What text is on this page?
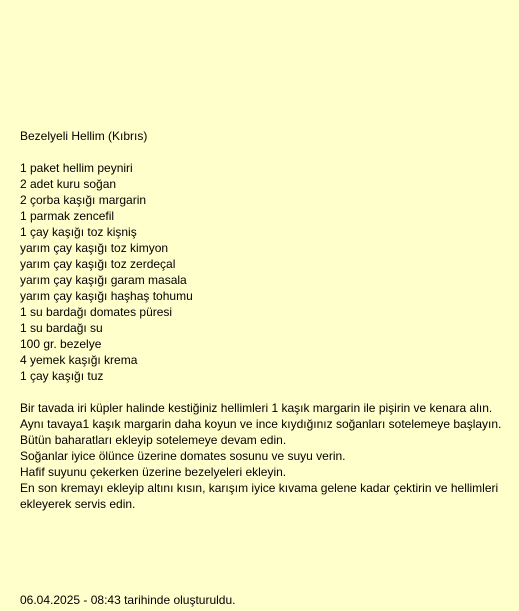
Bezelyeli Hellim (Kıbrıs)
1 paket hellim peyniri
2 adet kuru soğan
2 çorba kaşığı margarin
1 parmak zencefil
1 çay kaşığı toz kişniş
yarım çay kaşığı toz kimyon
yarım çay kaşığı toz zerdeçal
yarım çay kaşığı garam masala
yarım çay kaşığı haşhaş tohumu
1 su bardağı domates püresi
1 su bardağı su
100 gr. bezelye
4 yemek kaşığı krema
1 çay kaşığı tuz

Bir tavada iri küpler halinde kestiğiniz hellimleri 1 kaşık margarin ile pişirin ve kenara alın.

Aynı tavaya1 kaşık margarin daha koyun ve ince kıydığınız soğanları sotelemeye başlayın.

Bütün baharatları ekleyip sotelemeye devam edin.

Soğanlar iyice ölünce üzerine domates sosunu ve suyu verin.

Hafif suyunu çekerken üzerine bezelyeleri ekleyin.

En son kremayı ekleyip altını kısın, karışım iyice kıvama gelene kadar çektirin ve hellimleri ekleyerek servis edin.

06.04.2025 - 08:43 tarihinde oluşturuldu.
